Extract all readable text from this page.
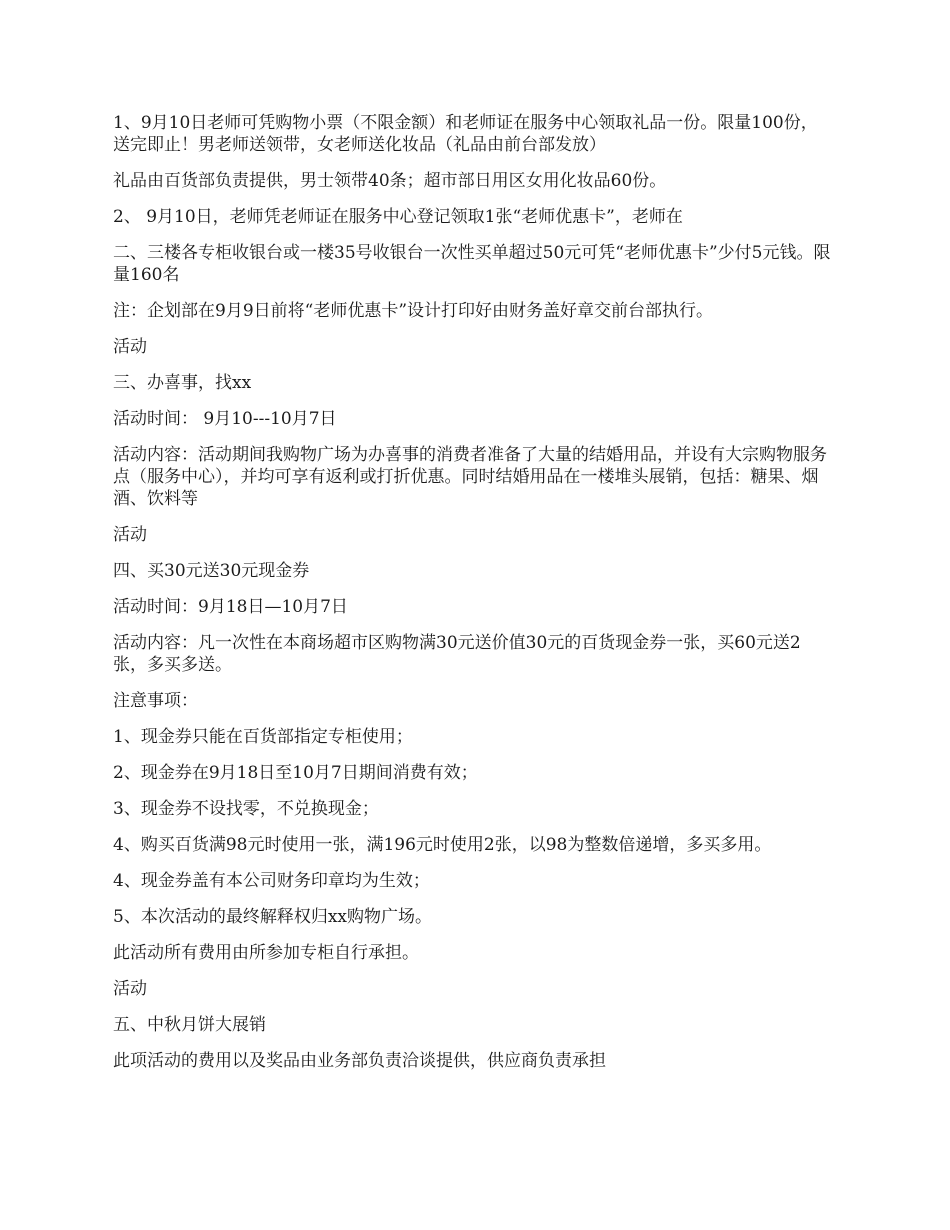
1、9月10日老师可凭购物小票（不限金额）和老师证在服务中心领取礼品一份。限量100份，送完即止！男老师送领带，女老师送化妆品（礼品由前台部发放）

礼品由百货部负责提供，男士领带40条；超市部日用区女用化妆品60份。

2、 9月10日，老师凭老师证在服务中心登记领取1张“老师优惠卡”，老师在

二、三楼各专柜收银台或一楼35号收银台一次性买单超过50元可凭“老师优惠卡”少付5元钱。限量160名

注：企划部在9月9日前将“老师优惠卡”设计打印好由财务盖好章交前台部执行。

活动

三、办喜事，找xx

活动时间： 9月10---10月7日

活动内容：活动期间我购物广场为办喜事的消费者准备了大量的结婚用品，并设有大宗购物服务点（服务中心），并均可享有返利或打折优惠。同时结婚用品在一楼堆头展销，包括：糖果、烟酒、饮料等

活动

四、买30元送30元现金券

活动时间：9月18日—10月7日

活动内容：凡一次性在本商场超市区购物满30元送价值30元的百货现金券一张，买60元送2张，多买多送。

注意事项：

1、现金券只能在百货部指定专柜使用；

2、现金券在9月18日至10月7日期间消费有效；

3、现金券不设找零，不兑换现金；

4、购买百货满98元时使用一张，满196元时使用2张，以98为整数倍递增，多买多用。

4、现金券盖有本公司财务印章均为生效；

5、本次活动的最终解释权归xx购物广场。

此活动所有费用由所参加专柜自行承担。

活动

五、中秋月饼大展销

此项活动的费用以及奖品由业务部负责洽谈提供，供应商负责承担
